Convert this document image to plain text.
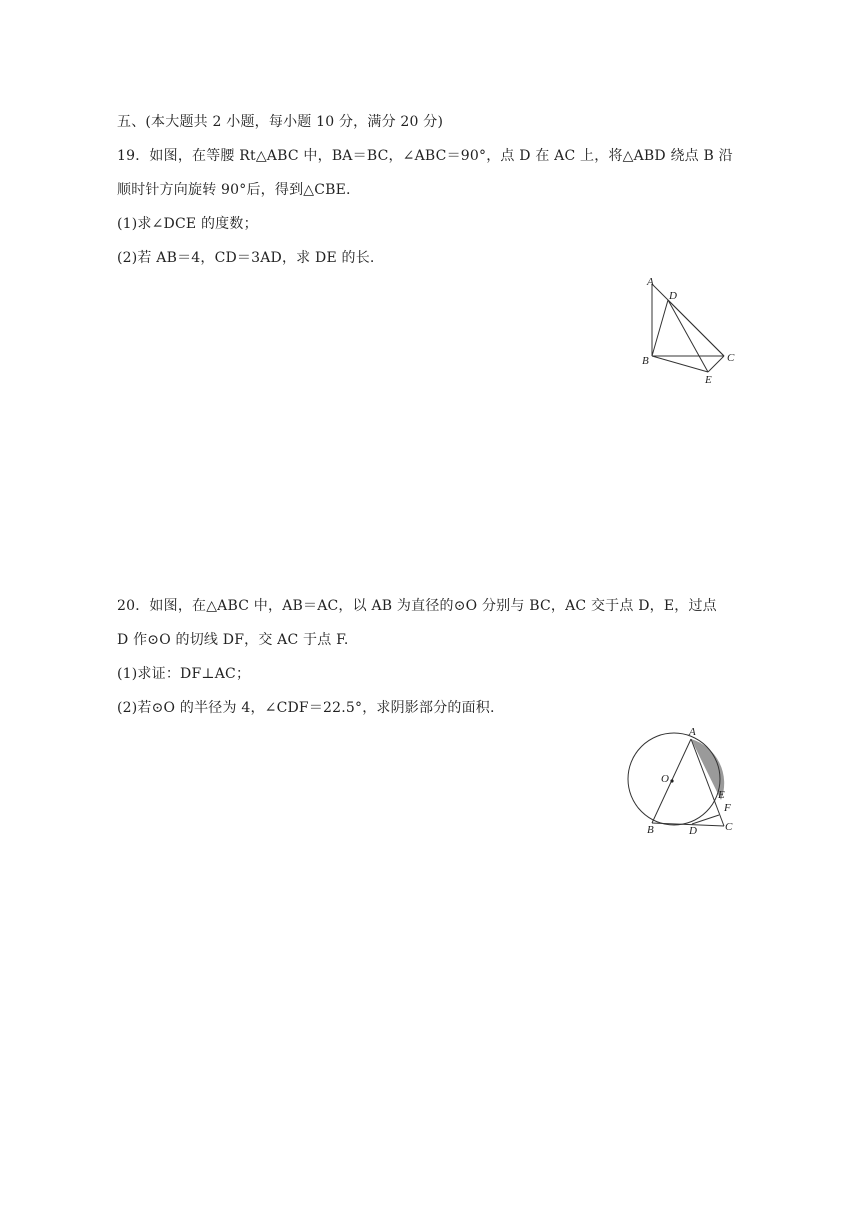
五、(本大题共 2 小题，每小题 10 分，满分 20 分)
19．如图，在等腰 Rt△ABC 中，BA＝BC，∠ABC＝90°，点 D 在 AC 上，将△ABD 绕点 B 沿
顺时针方向旋转 90°后，得到△CBE.
(1)求∠DCE 的度数；
(2)若 AB＝4，CD＝3AD，求 DE 的长.
A
D
B	C
E
20．如图，在△ABC 中，AB＝AC，以 AB 为直径的⊙O 分别与 BC，AC 交于点 D，E，过点
D 作⊙O 的切线 DF，交 AC 于点 F.
(1)求证：DF⊥AC；
(2)若⊙O 的半径为 4，∠CDF＝22.5°，求阴影部分的面积.
A
O
E
F
B	D	C
